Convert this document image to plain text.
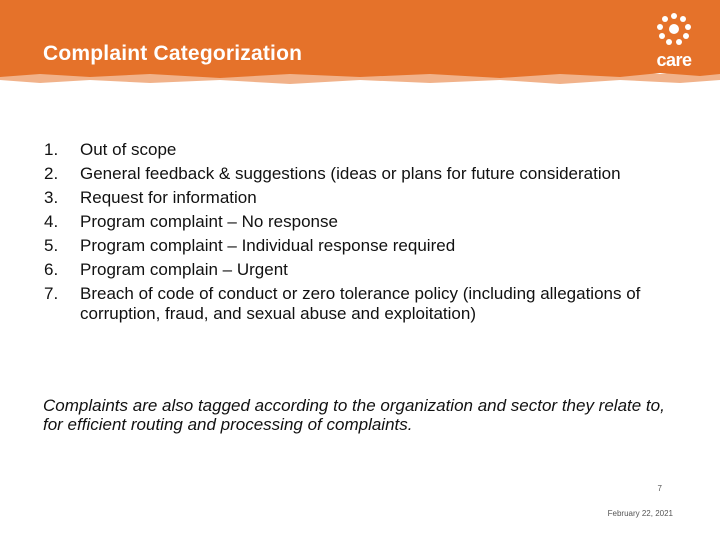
Complaint Categorization	care
1.	Out of scope
2.	General feedback & suggestions (ideas or plans for future consideration
3.	Request for information
4.	Program complaint – No response
5.	Program complaint – Individual response required
6.	Program complain – Urgent
7.	Breach of code of conduct or zero tolerance policy (including allegations of corruption, fraud, and sexual abuse and exploitation)
Complaints are also tagged according to the organization and sector they relate to, for efficient routing and processing of complaints.
7
February 22, 2021
